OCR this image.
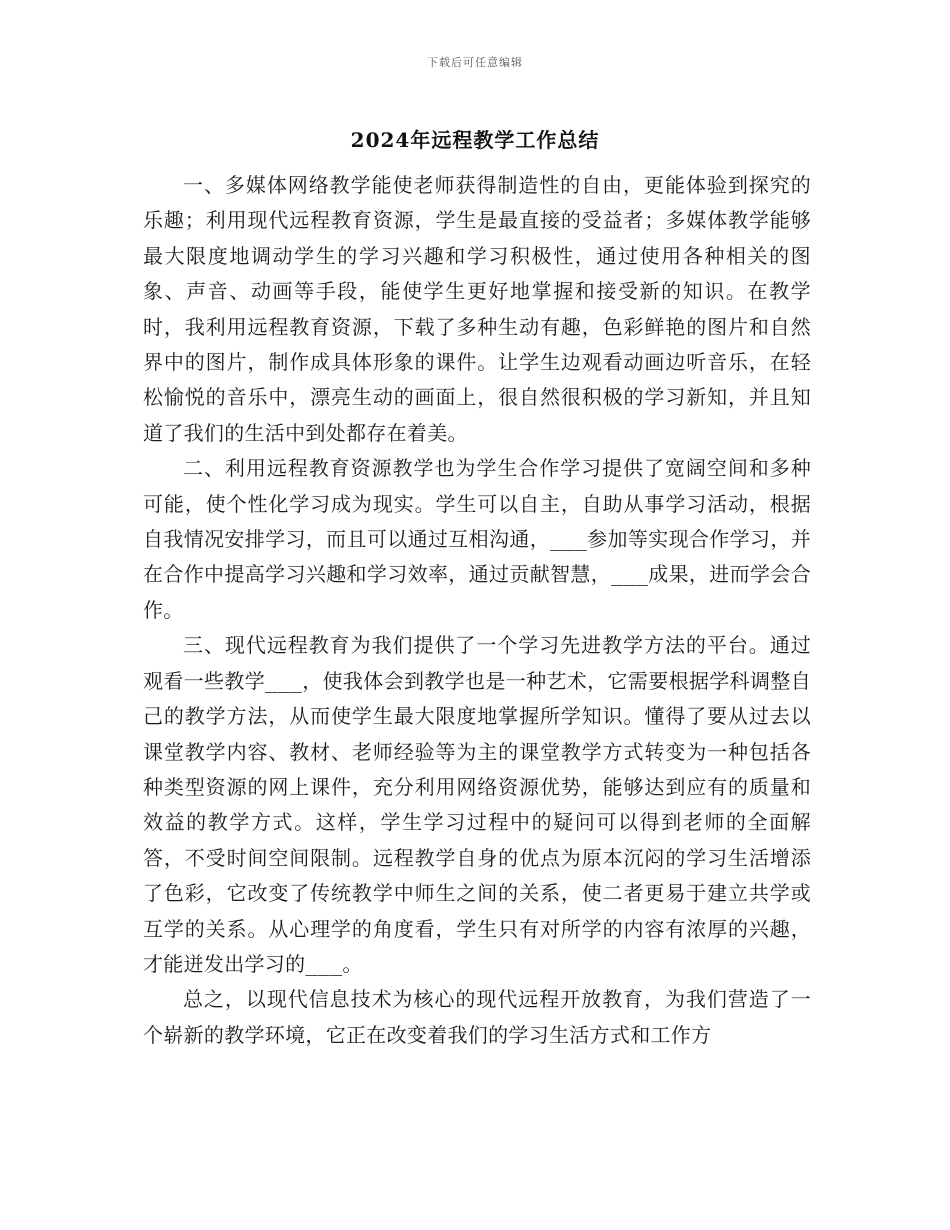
下载后可任意编辑
2024年远程教学工作总结

一、多媒体网络教学能使老师获得制造性的自由，更能体验到探究的乐趣；利用现代远程教育资源，学生是最直接的受益者；多媒体教学能够最大限度地调动学生的学习兴趣和学习积极性，通过使用各种相关的图象、声音、动画等手段，能使学生更好地掌握和接受新的知识。在教学时，我利用远程教育资源，下载了多种生动有趣，色彩鲜艳的图片和自然界中的图片，制作成具体形象的课件。让学生边观看动画边听音乐，在轻松愉悦的音乐中，漂亮生动的画面上，很自然很积极的学习新知，并且知道了我们的生活中到处都存在着美。

二、利用远程教育资源教学也为学生合作学习提供了宽阔空间和多种可能，使个性化学习成为现实。学生可以自主，自助从事学习活动，根据自我情况安排学习，而且可以通过互相沟通，___参加等实现合作学习，并在合作中提高学习兴趣和学习效率，通过贡献智慧，___成果，进而学会合作。

三、现代远程教育为我们提供了一个学习先进教学方法的平台。通过观看一些教学___，使我体会到教学也是一种艺术，它需要根据学科调整自己的教学方法，从而使学生最大限度地掌握所学知识。懂得了要从过去以课堂教学内容、教材、老师经验等为主的课堂教学方式转变为一种包括各种类型资源的网上课件，充分利用网络资源优势，能够达到应有的质量和效益的教学方式。这样，学生学习过程中的疑问可以得到老师的全面解答，不受时间空间限制。远程教学自身的优点为原本沉闷的学习生活增添了色彩，它改变了传统教学中师生之间的关系，使二者更易于建立共学或互学的关系。从心理学的角度看，学生只有对所学的内容有浓厚的兴趣，才能迸发出学习的___。

总之，以现代信息技术为核心的现代远程开放教育，为我们营造了一个崭新的教学环境，它正在改变着我们的学习生活方式和工作方
